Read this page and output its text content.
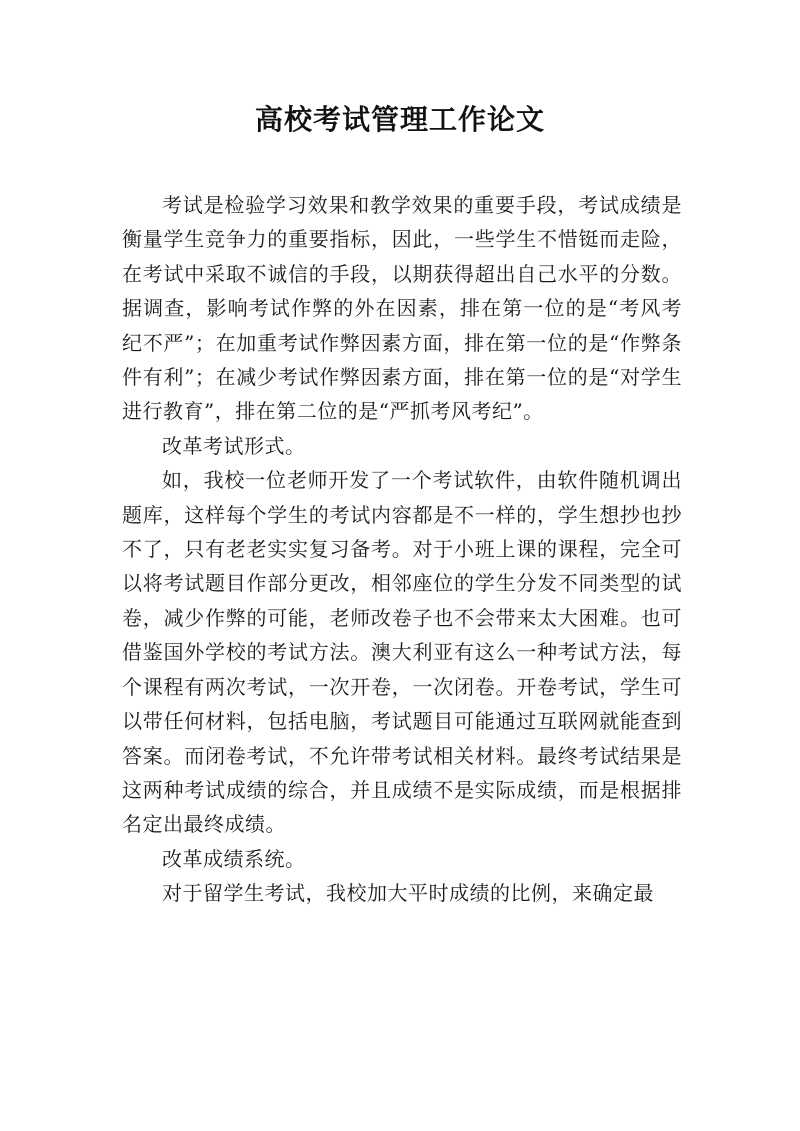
高校考试管理工作论文

考试是检验学习效果和教学效果的重要手段，考试成绩是衡量学生竞争力的重要指标，因此，一些学生不惜铤而走险，在考试中采取不诚信的手段，以期获得超出自己水平的分数。据调查，影响考试作弊的外在因素，排在第一位的是“考风考纪不严”；在加重考试作弊因素方面，排在第一位的是“作弊条件有利”；在减少考试作弊因素方面，排在第一位的是“对学生进行教育”，排在第二位的是“严抓考风考纪”。

改革考试形式。

如，我校一位老师开发了一个考试软件，由软件随机调出题库，这样每个学生的考试内容都是不一样的，学生想抄也抄不了，只有老老实实复习备考。对于小班上课的课程，完全可以将考试题目作部分更改，相邻座位的学生分发不同类型的试卷，减少作弊的可能，老师改卷子也不会带来太大困难。也可借鉴国外学校的考试方法。澳大利亚有这么一种考试方法，每个课程有两次考试，一次开卷，一次闭卷。开卷考试，学生可以带任何材料，包括电脑，考试题目可能通过互联网就能查到答案。而闭卷考试，不允许带考试相关材料。最终考试结果是这两种考试成绩的综合，并且成绩不是实际成绩，而是根据排名定出最终成绩。

改革成绩系统。

对于留学生考试，我校加大平时成绩的比例，来确定最
